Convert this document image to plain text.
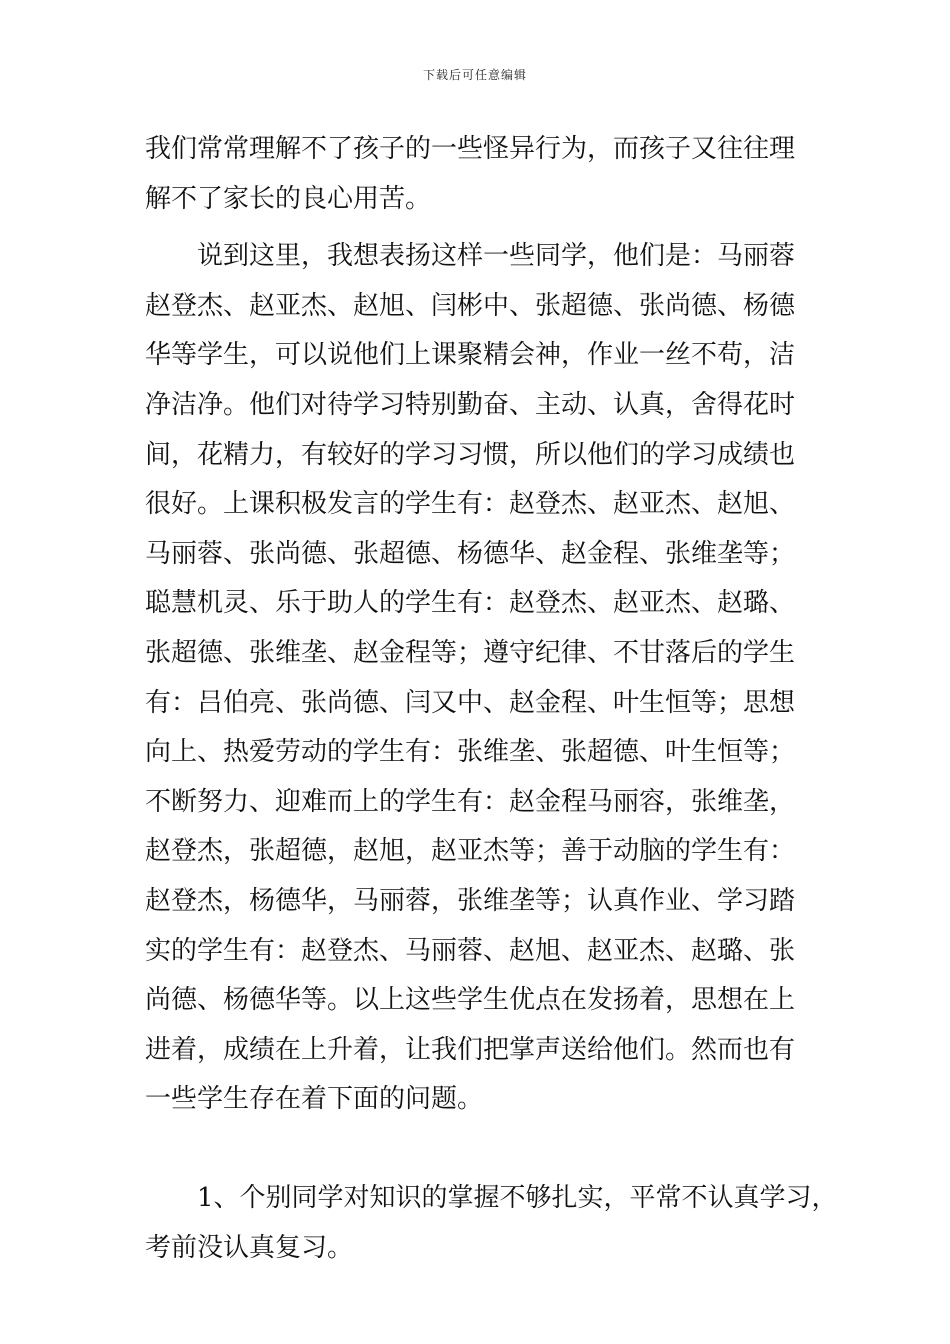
下载后可任意编辑
我们常常理解不了孩子的一些怪异行为，而孩子又往往理
解不了家长的良心用苦。
说到这里，我想表扬这样一些同学，他们是：马丽蓉
赵登杰、赵亚杰、赵旭、闫彬中、张超德、张尚德、杨德
华等学生，可以说他们上课聚精会神，作业一丝不苟，洁
净洁净。他们对待学习特别勤奋、主动、认真，舍得花时
间，花精力，有较好的学习习惯，所以他们的学习成绩也
很好。上课积极发言的学生有：赵登杰、赵亚杰、赵旭、
马丽蓉、张尚德、张超德、杨德华、赵金程、张维垄等；
聪慧机灵、乐于助人的学生有：赵登杰、赵亚杰、赵璐、
张超德、张维垄、赵金程等；遵守纪律、不甘落后的学生
有：吕伯亮、张尚德、闫又中、赵金程、叶生恒等；思想
向上、热爱劳动的学生有：张维垄、张超德、叶生恒等；
不断努力、迎难而上的学生有：赵金程马丽容，张维垄，
赵登杰，张超德，赵旭，赵亚杰等；善于动脑的学生有：
赵登杰，杨德华，马丽蓉，张维垄等；认真作业、学习踏
实的学生有：赵登杰、马丽蓉、赵旭、赵亚杰、赵璐、张
尚德、杨德华等。以上这些学生优点在发扬着，思想在上
进着，成绩在上升着，让我们把掌声送给他们。然而也有
一些学生存在着下面的问题。
1、个别同学对知识的掌握不够扎实，平常不认真学习，
考前没认真复习。
